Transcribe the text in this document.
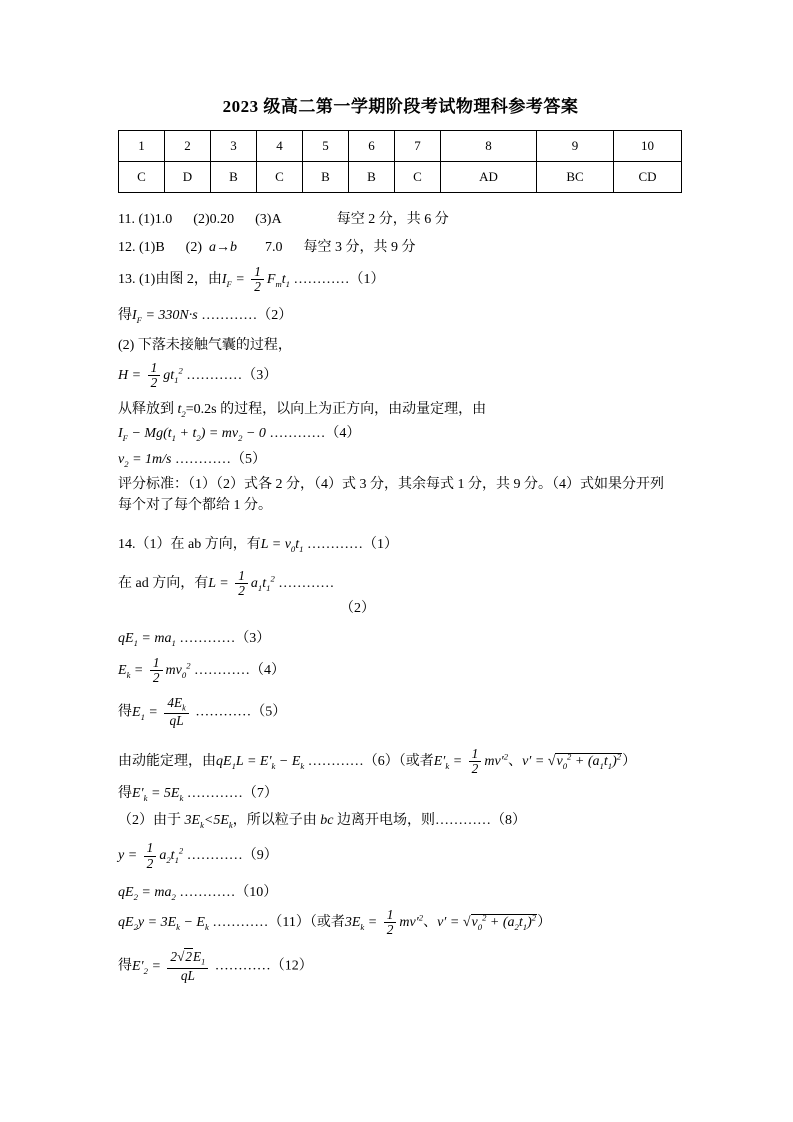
2023 级高二第一学期阶段考试物理科参考答案
1	2	3	4	5	6	7	8	9	10
C	D	B	C	B	B	C	AD	BC	CD
11. (1)1.0      (2)0.20      (3)A                每空 2 分，共 6 分
12. (1)B      (2)  a→b        7.0      每空 3 分，共 9 分
13. (1)由图 2，由$I_F = \frac{1}{2} F_mt_1$ …………（1）
得$I_F = 330N\cdot s$ …………（2）
(2) 下落未接触气囊的过程，
$H = \frac{1}{2} gt_1^2$ …………（3）
从释放到 $t_2=0.2s$ 的过程，以向上为正方向，由动量定理，由
$I_F - Mg(t_1 + t_2) = mv_2 - 0$ …………（4）
$v_2 = 1m/s$ …………（5）
评分标准：（1）（2）式各 2 分，（4）式 3 分，其余每式 1 分，共 9 分。（4）式如果分开列
每个对了每个都给 1 分。
14.（1）在 ab 方向，有$L = v_0t_1$ …………（1）
在 ad 方向，有$L = \frac{1}{2} a_1t_1^2$ …………
（2）
$qE_1 = ma_1$ …………（3）
$E_k = \frac{1}{2} mv_0^2$ …………（4）
得$E_1 = \frac{4E_k}{qL}$ …………（5）
由动能定理，由$qE_1L = E'_k - E_k$ …………（6）（或者$E'_k = \frac{1}{2} mv'^2$、$v' = √v_0^2 + (a_1t_1)^2$）
得$E'_k = 5E_k$ …………（7）
（2）由于 $3E_k<5E_k$，所以粒子由 bc 边离开电场，则…………（8）
$y = \frac{1}{2} a_2t_1^2$ …………（9）
$qE_2 = ma_2$ …………（10）
$qE_2y = 3E_k - E_k$ …………（11）（或者$3E_k = \frac{1}{2} mv'^2$、$v' = √v_0^2 + (a_2t_1)^2$）
得$E'_2 = \frac{2√2E_1}{qL}$ …………（12）
